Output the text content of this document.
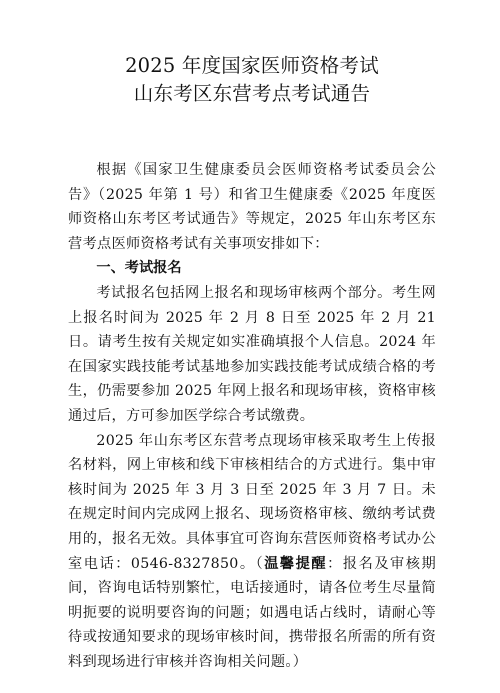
2025 年度国家医师资格考试

山东考区东营考点考试通告

根据《国家卫生健康委员会医师资格考试委员会公告》（2025 年第 1 号）和省卫生健康委《2025 年度医师资格山东考区考试通告》等规定，2025 年山东考区东营考点医师资格考试有关事项安排如下：

一、考试报名

考试报名包括网上报名和现场审核两个部分。考生网上报名时间为 2025 年 2 月 8 日至 2025 年 2 月 21 日。请考生按有关规定如实准确填报个人信息。2024 年在国家实践技能考试基地参加实践技能考试成绩合格的考生，仍需要参加 2025 年网上报名和现场审核，资格审核通过后，方可参加医学综合考试缴费。

2025 年山东考区东营考点现场审核采取考生上传报名材料，网上审核和线下审核相结合的方式进行。集中审核时间为 2025 年 3 月 3 日至 2025 年 3 月 7 日。未在规定时间内完成网上报名、现场资格审核、缴纳考试费用的，报名无效。具体事宜可咨询东营医师资格考试办公室电话：0546-8327850。（温馨提醒：报名及审核期间，咨询电话特别繁忙，电话接通时，请各位考生尽量简明扼要的说明要咨询的问题；如遇电话占线时，请耐心等待或按通知要求的现场审核时间，携带报名所需的所有资料到现场进行审核并咨询相关问题。）
